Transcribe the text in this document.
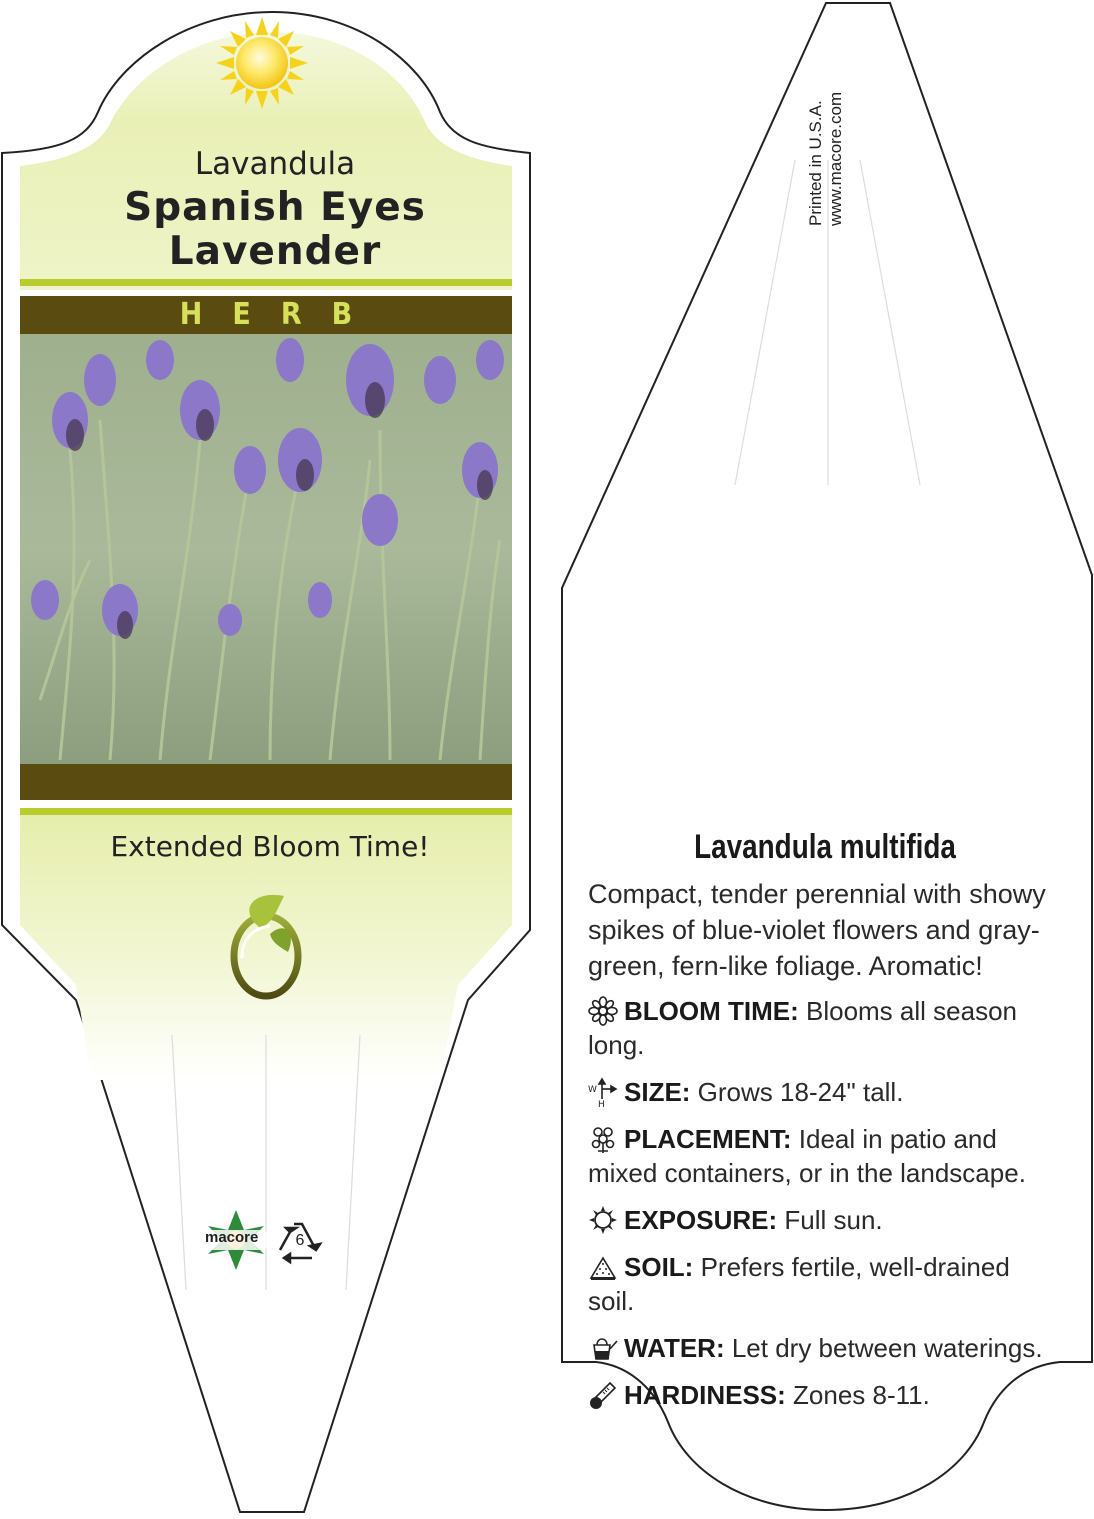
Lavandula
Spanish Eyes
Lavender
HERB
Extended Bloom Time!
macore	6
Printed in U.S.A. www.macore.com
Lavandula multifida
Compact, tender perennial with showy spikes of blue-violet flowers and gray-green, fern-like foliage. Aromatic!
BLOOM TIME: Blooms all season long.
W
H SIZE: Grows 18-24" tall.
PLACEMENT: Ideal in patio and mixed containers, or in the landscape.
EXPOSURE: Full sun.
SOIL: Prefers fertile, well-drained soil.
WATER: Let dry between waterings.
HARDINESS: Zones 8-11.
